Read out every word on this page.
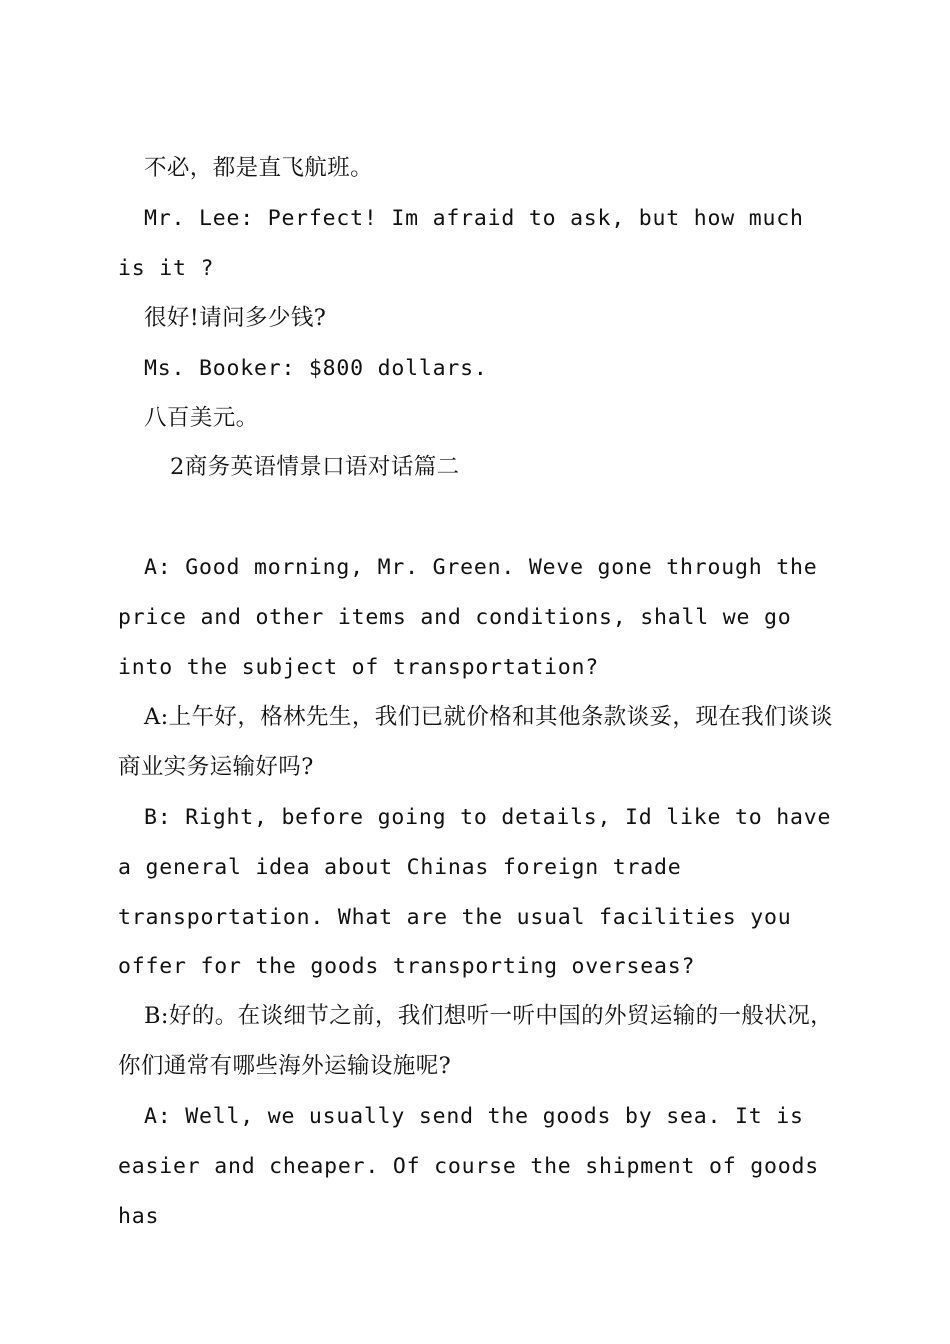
不必，都是直飞航班。

Mr. Lee: Perfect! Im afraid to ask, but how much is it ?

很好!请问多少钱?

Ms. Booker: $800 dollars.

八百美元。

2商务英语情景口语对话篇二

A: Good morning, Mr. Green. Weve gone through the price and other items and conditions, shall we go into the subject of transportation?

A:上午好，格林先生，我们已就价格和其他条款谈妥，现在我们谈谈商业实务运输好吗?

B: Right, before going to details, Id like to have a general idea about Chinas foreign trade transportation. What are the usual facilities you offer for the goods transporting overseas?

B:好的。在谈细节之前，我们想听一听中国的外贸运输的一般状况，你们通常有哪些海外运输设施呢?

A: Well, we usually send the goods by sea. It is easier and cheaper. Of course the shipment of goods has
